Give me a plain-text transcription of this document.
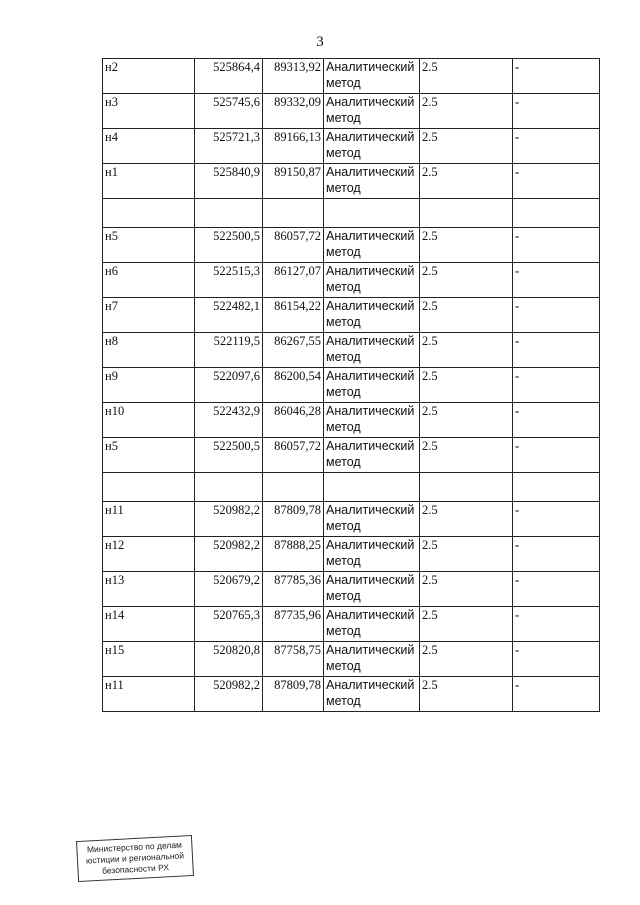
3
н2	525864,4	89313,92	Аналитический метод	2.5	-
н3	525745,6	89332,09	Аналитический метод	2.5	-
н4	525721,3	89166,13	Аналитический метод	2.5	-
н1	525840,9	89150,87	Аналитический метод	2.5	-

н5	522500,5	86057,72	Аналитический метод	2.5	-
н6	522515,3	86127,07	Аналитический метод	2.5	-
н7	522482,1	86154,22	Аналитический метод	2.5	-
н8	522119,5	86267,55	Аналитический метод	2.5	-
н9	522097,6	86200,54	Аналитический метод	2.5	-
н10	522432,9	86046,28	Аналитический метод	2.5	-
н5	522500,5	86057,72	Аналитический метод	2.5	-

н11	520982,2	87809,78	Аналитический метод	2.5	-
н12	520982,2	87888,25	Аналитический метод	2.5	-
н13	520679,2	87785,36	Аналитический метод	2.5	-
н14	520765,3	87735,96	Аналитический метод	2.5	-
н15	520820,8	87758,75	Аналитический метод	2.5	-
н11	520982,2	87809,78	Аналитический метод	2.5	-
Министерство по делам
юстиции и региональной
безопасности РХ
